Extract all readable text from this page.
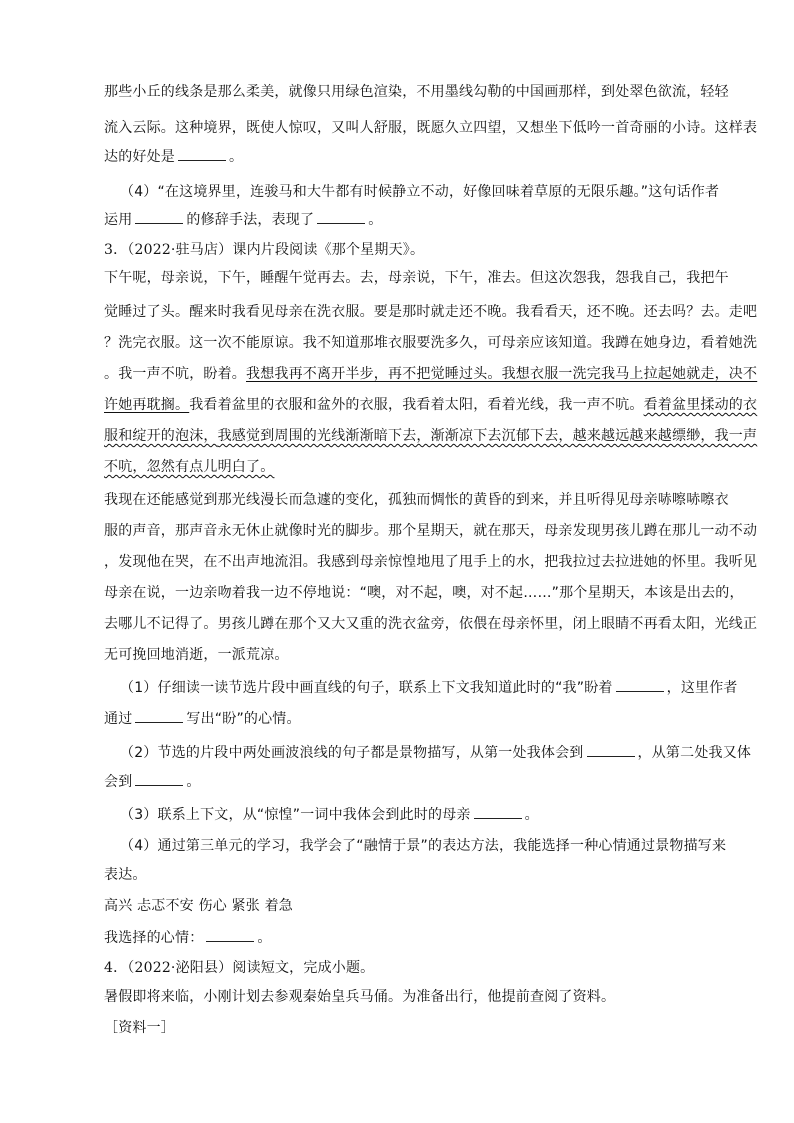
那些小丘的线条是那么柔美，就像只用绿色渲染，不用墨线勾勒的中国画那样，到处翠色欲流，轻轻
流入云际。这种境界，既使人惊叹，又叫人舒服，既愿久立四望，又想坐下低吟一首奇丽的小诗。这样表
达的好处是	。
（4）“在这境界里，连骏马和大牛都有时候静立不动，好像回味着草原的无限乐趣。”这句话作者
运用	的修辞手法，表现了	。
3．（2022·驻马店）课内片段阅读《那个星期天》。
下午呢，母亲说，下午，睡醒午觉再去。去，母亲说，下午，准去。但这次怨我，怨我自己，我把午
觉睡过了头。醒来时我看见母亲在洗衣服。要是那时就走还不晚。我看看天，还不晚。还去吗？去。走吧
？洗完衣服。这一次不能原谅。我不知道那堆衣服要洗多久，可母亲应该知道。我蹲在她身边，看着她洗
。我一声不吭，盼着。我想我再不离开半步，再不把觉睡过头。我想衣服一洗完我马上拉起她就走，决不
许她再耽搁。我看着盆里的衣服和盆外的衣服，我看着太阳，看着光线，我一声不吭。看着盆里揉动的衣
服和绽开的泡沫，我感觉到周围的光线渐渐暗下去，渐渐凉下去沉郁下去，越来越远越来越缥缈，我一声
不吭，忽然有点儿明白了。
我现在还能感觉到那光线漫长而急遽的变化，孤独而惆怅的黄昏的到来，并且听得见母亲哧嚓哧嚓衣
服的声音，那声音永无休止就像时光的脚步。那个星期天，就在那天，母亲发现男孩儿蹲在那儿一动不动
，发现他在哭，在不出声地流泪。我感到母亲惊惶地甩了甩手上的水，把我拉过去拉进她的怀里。我听见
母亲在说，一边亲吻着我一边不停地说：“噢，对不起，噢，对不起……”那个星期天，本该是出去的，
去哪儿不记得了。男孩儿蹲在那个又大又重的洗衣盆旁，依偎在母亲怀里，闭上眼睛不再看太阳，光线正
无可挽回地消逝，一派荒凉。
（1）仔细读一读节选片段中画直线的句子，联系上下文我知道此时的“我”盼着	，这里作者
通过	写出“盼”的心情。
（2）节选的片段中两处画波浪线的句子都是景物描写，从第一处我体会到	，从第二处我又体
会到	。
（3）联系上下文，从“惊惶”一词中我体会到此时的母亲	。
（4）通过第三单元的学习，我学会了“融情于景”的表达方法，我能选择一种心情通过景物描写来
表达。
高兴 忐忑不安 伤心 紧张 着急
我选择的心情：	。
4．（2022·泌阳县）阅读短文，完成小题。
暑假即将来临，小刚计划去参观秦始皇兵马俑。为准备出行，他提前查阅了资料。
［资料一］
